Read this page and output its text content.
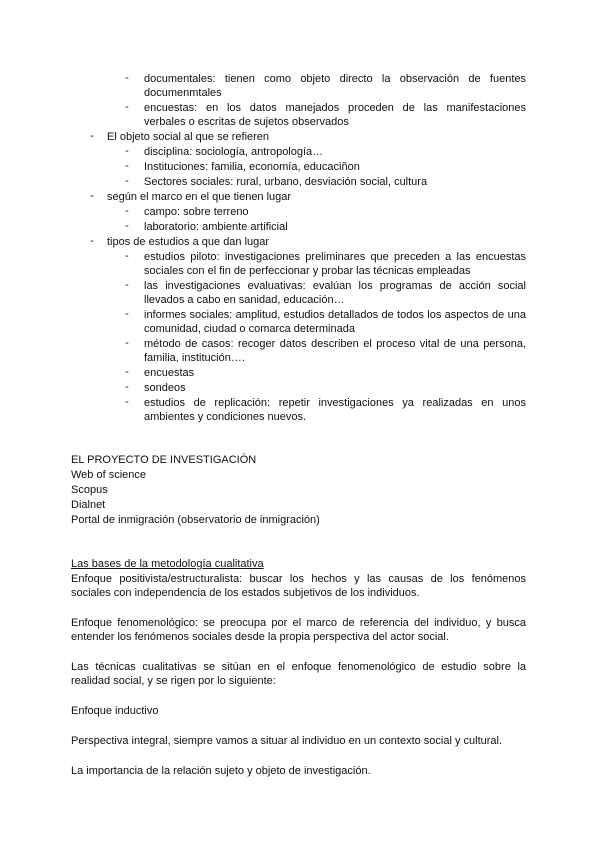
- documentales: tienen como objeto directo la observación de fuentes
documenmtales
- encuestas: en los datos manejados proceden de las manifestaciones
verbales o escritas de sujetos observados
- El objeto social al que se refieren
- disciplina: sociología, antropología…
- Instituciones: familia, economía, educaciñon
- Sectores sociales: rural, urbano, desviación social, cultura
- según el marco en el que tienen lugar
- campo: sobre terreno
- laboratorio: ambiente artificial
- tipos de estudios a que dan lugar
- estudios piloto: investigaciones preliminares que preceden a las encuestas
sociales con el fin de perfeccionar y probar las técnicas empleadas
- las investigaciones evaluativas: evalúan los programas de acción social
llevados a cabo en sanidad, educación…
- informes sociales: amplitud, estudios detallados de todos los aspectos de una
comunidad, ciudad o comarca determinada
- método de casos: recoger datos describen el proceso vital de una persona,
familia, institución….
- encuestas
- sondeos
- estudios de replicación: repetir investigaciones ya realizadas en unos
ambientes y condiciones nuevos.
EL PROYECTO DE INVESTIGACIÓN
Web of science
Scopus
Dialnet
Portal de inmigración (observatorio de inmigración)
Las bases de la metodología cualitativa
Enfoque positivista/estructuralista: buscar los hechos y las causas de los fenómenos
sociales con independencia de los estados subjetivos de los individuos.
Enfoque fenomenológico: se preocupa por el marco de referencia del individuo, y busca
entender los fenómenos sociales desde la propia perspectiva del actor social.
Las técnicas cualitativas se sitúan en el enfoque fenomenológico de estudio sobre la
realidad social, y se rigen por lo siguiente:
Enfoque inductivo
Perspectiva integral, siempre vamos a situar al individuo en un contexto social y cultural.
La importancia de la relación sujeto y objeto de investigación.
